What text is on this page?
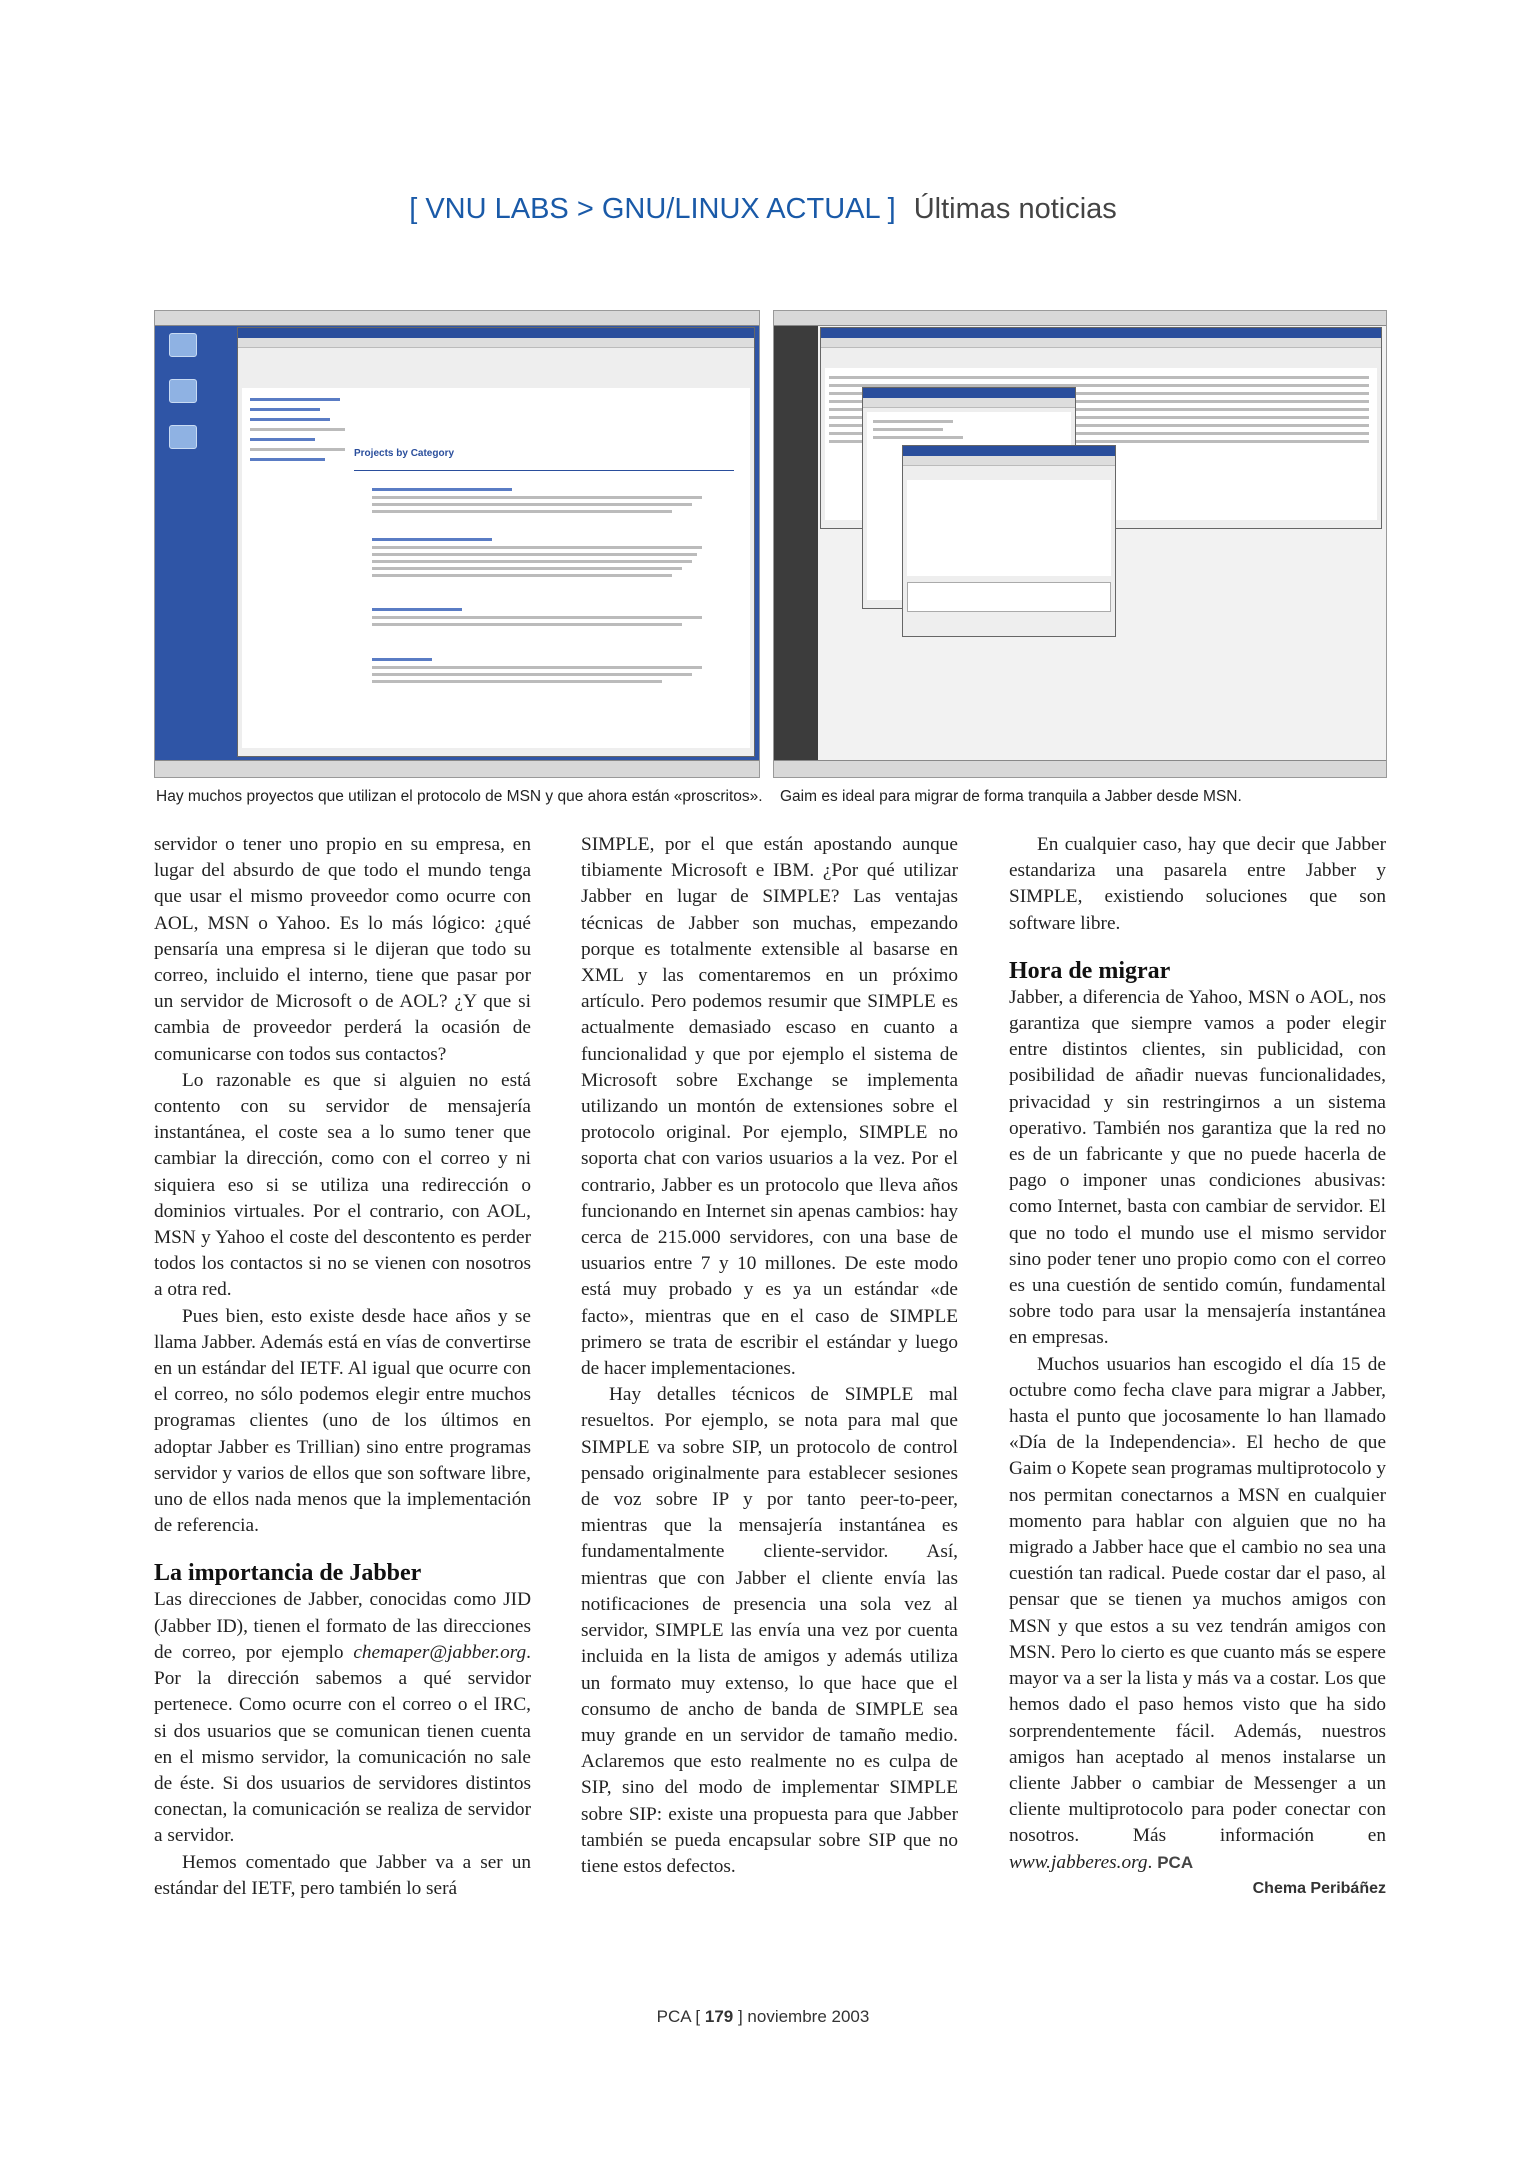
[ VNU LABS > GNU/LINUX ACTUAL ] Últimas noticias
Projects by Category
Hay muchos proyectos que utilizan el protocolo de MSN y que ahora están «proscritos». Gaim es ideal para migrar de forma tranquila a Jabber desde MSN.

servidor o tener uno propio en su empresa, en lugar del absurdo de que todo el mundo tenga que usar el mismo proveedor como ocurre con AOL, MSN o Yahoo. Es lo más lógico: ¿qué pensaría una empresa si le dijeran que todo su correo, incluido el interno, tiene que pasar por un servidor de Microsoft o de AOL? ¿Y que si cambia de proveedor perderá la ocasión de comunicarse con todos sus contactos?

Lo razonable es que si alguien no está contento con su servidor de mensajería instantánea, el coste sea a lo sumo tener que cambiar la dirección, como con el correo y ni siquiera eso si se utiliza una redirección o dominios virtuales. Por el contrario, con AOL, MSN y Yahoo el coste del descontento es perder todos los contactos si no se vienen con nosotros a otra red.

Pues bien, esto existe desde hace años y se llama Jabber. Además está en vías de convertirse en un estándar del IETF. Al igual que ocurre con el correo, no sólo podemos elegir entre muchos programas clientes (uno de los últimos en adoptar Jabber es Trillian) sino entre programas servidor y varios de ellos que son software libre, uno de ellos nada menos que la implementación de referencia.

La importancia de Jabber

Las direcciones de Jabber, conocidas como JID (Jabber ID), tienen el formato de las direcciones de correo, por ejemplo chemaper@jabber.org. Por la dirección sabemos a qué servidor pertenece. Como ocurre con el correo o el IRC, si dos usuarios que se comunican tienen cuenta en el mismo servidor, la comunicación no sale de éste. Si dos usuarios de servidores distintos conectan, la comunicación se realiza de servidor a servidor.

Hemos comentado que Jabber va a ser un estándar del IETF, pero también lo será

SIMPLE, por el que están apostando aunque tibiamente Microsoft e IBM. ¿Por qué utilizar Jabber en lugar de SIMPLE? Las ventajas técnicas de Jabber son muchas, empezando porque es totalmente extensible al basarse en XML y las comentaremos en un próximo artículo. Pero podemos resumir que SIMPLE es actualmente demasiado escaso en cuanto a funcionalidad y que por ejemplo el sistema de Microsoft sobre Exchange se implementa utilizando un montón de extensiones sobre el protocolo original. Por ejemplo, SIMPLE no soporta chat con varios usuarios a la vez. Por el contrario, Jabber es un protocolo que lleva años funcionando en Internet sin apenas cambios: hay cerca de 215.000 servidores, con una base de usuarios entre 7 y 10 millones. De este modo está muy probado y es ya un estándar «de facto», mientras que en el caso de SIMPLE primero se trata de escribir el estándar y luego de hacer implementaciones.

Hay detalles técnicos de SIMPLE mal resueltos. Por ejemplo, se nota para mal que SIMPLE va sobre SIP, un protocolo de control pensado originalmente para establecer sesiones de voz sobre IP y por tanto peer-to-peer, mientras que la mensajería instantánea es fundamentalmente cliente-servidor. Así, mientras que con Jabber el cliente envía las notificaciones de presencia una sola vez al servidor, SIMPLE las envía una vez por cuenta incluida en la lista de amigos y además utiliza un formato muy extenso, lo que hace que el consumo de ancho de banda de SIMPLE sea muy grande en un servidor de tamaño medio. Aclaremos que esto realmente no es culpa de SIP, sino del modo de implementar SIMPLE sobre SIP: existe una propuesta para que Jabber también se pueda encapsular sobre SIP que no tiene estos defectos.

En cualquier caso, hay que decir que Jabber estandariza una pasarela entre Jabber y SIMPLE, existiendo soluciones que son software libre.

Hora de migrar

Jabber, a diferencia de Yahoo, MSN o AOL, nos garantiza que siempre vamos a poder elegir entre distintos clientes, sin publicidad, con posibilidad de añadir nuevas funcionalidades, privacidad y sin restringirnos a un sistema operativo. También nos garantiza que la red no es de un fabricante y que no puede hacerla de pago o imponer unas condiciones abusivas: como Internet, basta con cambiar de servidor. El que no todo el mundo use el mismo servidor sino poder tener uno propio como con el correo es una cuestión de sentido común, fundamental sobre todo para usar la mensajería instantánea en empresas.

Muchos usuarios han escogido el día 15 de octubre como fecha clave para migrar a Jabber, hasta el punto que jocosamente lo han llamado «Día de la Independencia». El hecho de que Gaim o Kopete sean programas multiprotocolo y nos permitan conectarnos a MSN en cualquier momento para hablar con alguien que no ha migrado a Jabber hace que el cambio no sea una cuestión tan radical. Puede costar dar el paso, al pensar que se tienen ya muchos amigos con MSN y que estos a su vez tendrán amigos con MSN. Pero lo cierto es que cuanto más se espere mayor va a ser la lista y más va a costar. Los que hemos dado el paso hemos visto que ha sido sorprendentemente fácil. Además, nuestros amigos han aceptado al menos instalarse un cliente Jabber o cambiar de Messenger a un cliente multiprotocolo para poder conectar con nosotros. Más información en www.jabberes.org. PCA

Chema Peribáñez
PCA [ 179 ] noviembre 2003
